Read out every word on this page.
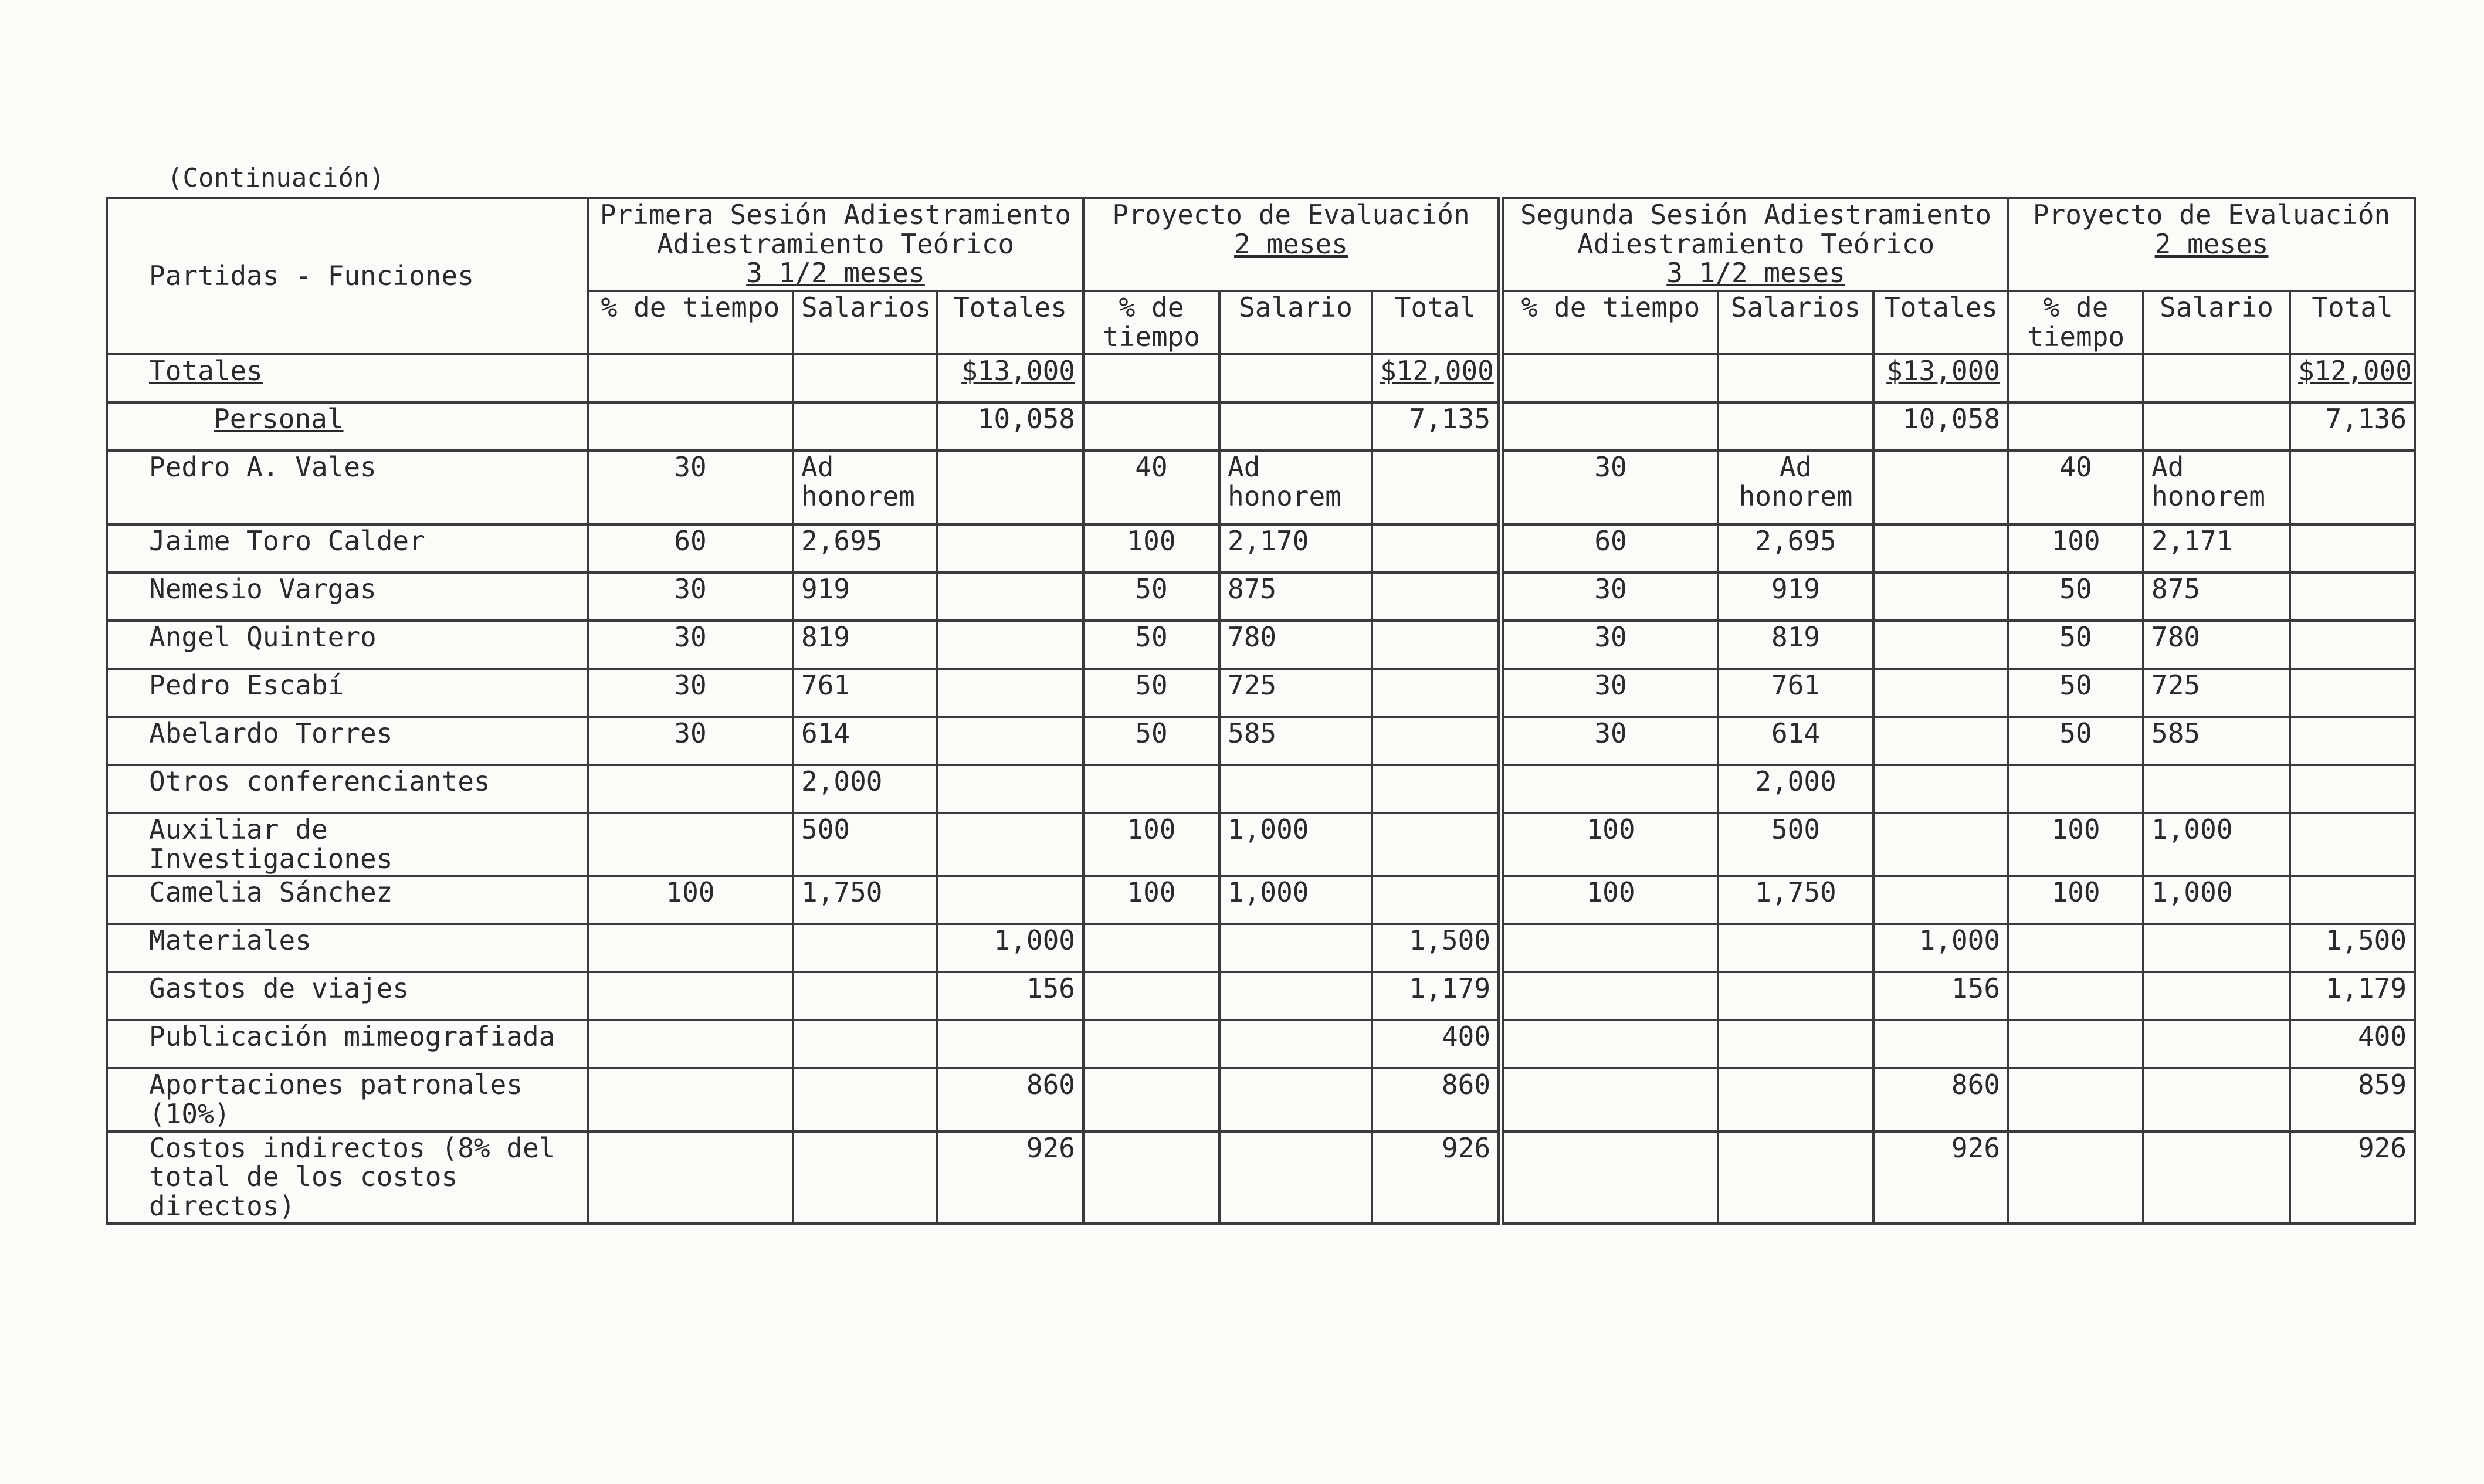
(Continuación)
Partidas - Funciones	Primera Sesión Adiestramiento
Adiestramiento Teórico
3 1/2 meses			Proyecto de Evaluación
2 meses			Segunda Sesión Adiestramiento
Adiestramiento Teórico
3 1/2 meses			Proyecto de Evaluación
2 meses		

	% de tiempo	Salarios	Totales	% de tiempo	Salario	Total	% de tiempo	Salarios	Totales	% de tiempo	Salario	Total
Totales			$13,000			$12,000			$13,000			$12,000
Personal			10,058			7,135			10,058			7,136
Pedro A. Vales	30	Ad honorem		40	Ad honorem		30	Ad honorem		40	Ad honorem	
Jaime Toro Calder	60	2,695		100	2,170		60	2,695		100	2,171	
Nemesio Vargas	30	919		50	875		30	919		50	875	
Angel Quintero	30	819		50	780		30	819		50	780	
Pedro Escabí	30	761		50	725		30	761		50	725	
Abelardo Torres	30	614		50	585		30	614		50	585	
Otros conferenciantes		2,000						2,000				
Auxiliar de Investigaciones		500		100	1,000		100	500		100	1,000	
Camelia Sánchez	100	1,750		100	1,000		100	1,750		100	1,000	
Materiales			1,000			1,500			1,000			1,500
Gastos de viajes			156			1,179			156			1,179
Publicación mimeografiada						400						400
Aportaciones patronales (10%)			860			860			860			859
Costos indirectos (8% del total de los costos directos)			926			926			926			926
